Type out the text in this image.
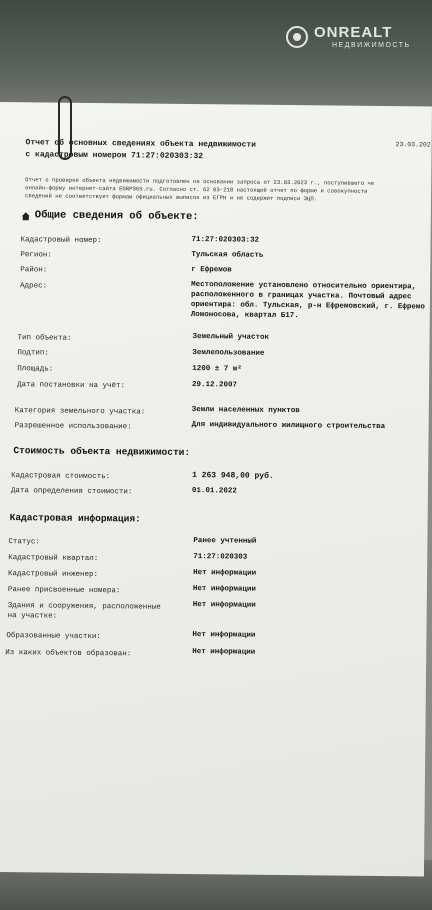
ONREALT
НЕДВИЖИМОСТЬ
23.03.202
Отчет об основных сведениях объекта недвижимости
с кадастровым номером 71:27:020303:32
Отчет о проверке объекта недвижимости подготовлен на основании запроса от 23.03.2023 г., поступившего че
онлайн-форму интернет-сайта EGRP365.ru. Согласно ст. 62 03-218 настоящий отчет по форме и совокупности
сведений не соответствует формам официальных выписок из ЕГРН и не содержит подписи ЭЦП.
Общие сведения об объекте:
Кадастровый номер:	71:27:020303:32
Регион:	Тульская область
Район:	г Ефремов
Адрес:	Местоположение установлено относительно ориентира,
расположенного в границах участка. Почтовый адрес
ориентира: обл. Тульская, р-н Ефремовский, г. Ефремо
Ломоносова, квартал Б17.
Тип объекта:	Земельный участок
Подтип:	Землепользование
Площадь:	1200 ± 7 м²
Дата постановки на учёт:	29.12.2007
Категория земельного участка:	Земли населенных пунктов
Разрешенное использование:	Для индивидуального жилищного строительства
Стоимость объекта недвижимости:
Кадастровая стоимость:	1 263 948,00 руб.
Дата определения стоимости:	01.01.2022
Кадастровая информация:
Статус:	Ранее учтенный
Кадастровый квартал:	71:27:020303
Кадастровый инженер:	Нет информации
Ранее присвоенные номера:	Нет информации
Здания и сооружения, расположенные
на участке:
Нет информации
Образованные участки:	Нет информации
Из каких объектов образован:	Нет информации
